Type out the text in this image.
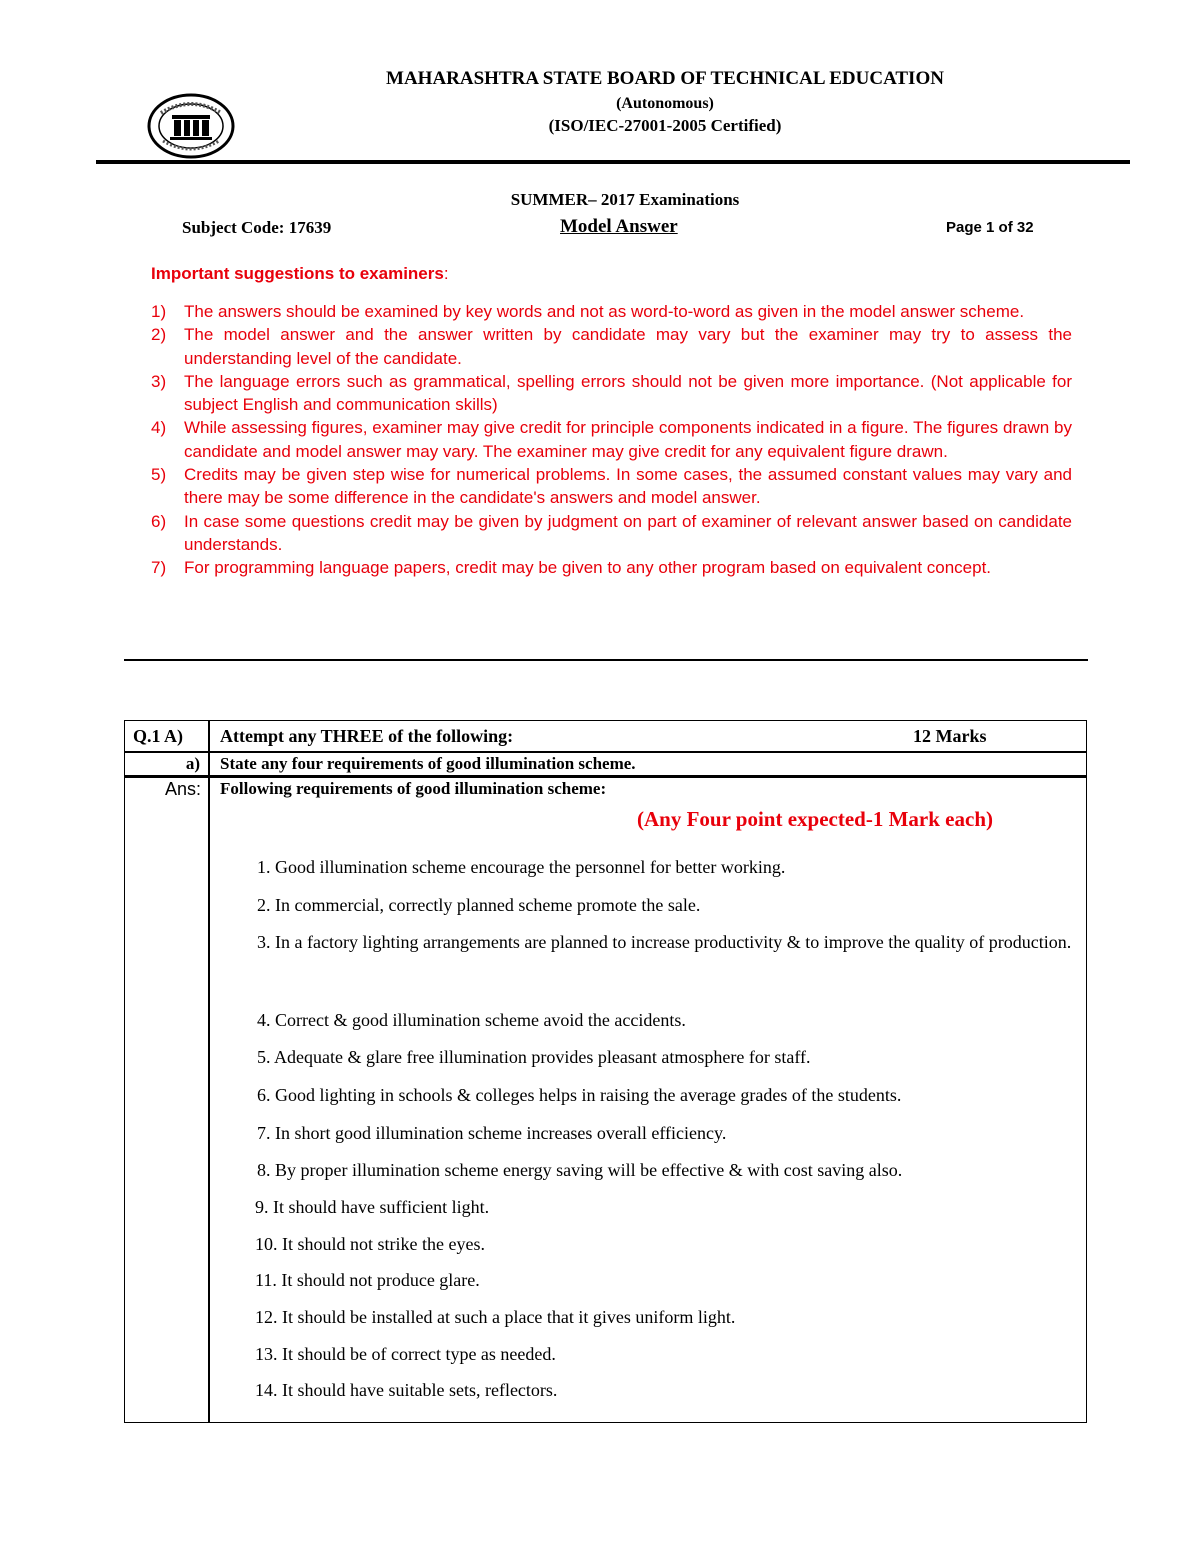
MAHARASHTRA STATE BOARD OF TECHNICAL EDUCATION
(Autonomous)
(ISO/IEC-27001-2005 Certified)
SUMMER– 2017 Examinations
Subject Code: 17639	Model Answer	Page 1 of 32
Important suggestions to examiners:
1) The answers should be examined by key words and not as word-to-word as given in the model answer scheme.
2) The model answer and the answer written by candidate may vary but the examiner may try to assess the understanding level of the candidate.
3) The language errors such as grammatical, spelling errors should not be given more importance. (Not applicable for subject English and communication skills)
4) While assessing figures, examiner may give credit for principle components indicated in a figure. The figures drawn by candidate and model answer may vary. The examiner may give credit for any equivalent figure drawn.
5) Credits may be given step wise for numerical problems. In some cases, the assumed constant values may vary and there may be some difference in the candidate's answers and model answer.
6) In case some questions credit may be given by judgment on part of examiner of relevant answer based on candidate understands.
7) For programming language papers, credit may be given to any other program based on equivalent concept.
Q.1 A)	Attempt any THREE of the following:	12 Marks
a) State any four requirements of good illumination scheme.
Ans: Following requirements of good illumination scheme:
(Any Four point expected-1 Mark each)
1. Good illumination scheme encourage the personnel for better working.
2. In commercial, correctly planned scheme promote the sale.
3. In a factory lighting arrangements are planned to increase productivity & to improve the quality of production.
4. Correct & good illumination scheme avoid the accidents.
5. Adequate & glare free illumination provides pleasant atmosphere for staff.
6. Good lighting in schools & colleges helps in raising the average grades of the students.
7. In short good illumination scheme increases overall efficiency.
8. By proper illumination scheme energy saving will be effective & with cost saving also.
9. It should have sufficient light.
10. It should not strike the eyes.
11. It should not produce glare.
12. It should be installed at such a place that it gives uniform light.
13. It should be of correct type as needed.
14. It should have suitable sets, reflectors.
